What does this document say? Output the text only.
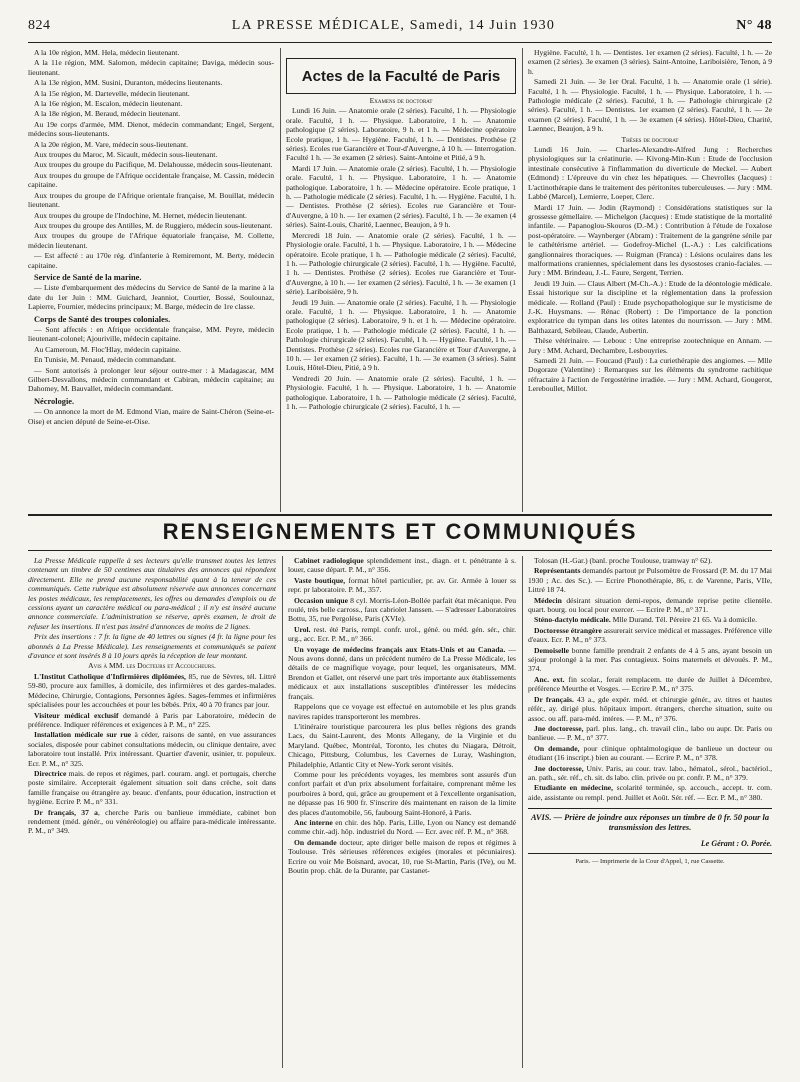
824	LA PRESSE MÉDICALE, Samedi, 14 Juin 1930	N° 48

A la 10e région, MM. Hela, médecin lieutenant.

A la 11e région, MM. Salomon, médecin capitaine; Daviga, médecin sous-lieutenant.

A la 13e région, MM. Susini, Duranton, médecins lieutenants.

A la 15e région, M. Dartevelle, médecin lieutenant.

A la 16e région, M. Escalon, médecin lieutenant.

A la 18e région, M. Beraud, médecin lieutenant.

Au 19e corps d'armée, MM. Dienot, médecin commandant; Engel, Sergent, médecins sous-lieutenants.

A la 20e région, M. Vare, médecin sous-lieutenant.

Aux troupes du Maroc, M. Sicault, médecin sous-lieutenant.

Aux troupes du groupe du Pacifique, M. Delahousse, médecin sous-lieutenant.

Aux troupes du groupe de l'Afrique occidentale française, M. Cassin, médecin capitaine.

Aux troupes du groupe de l'Afrique orientale française, M. Bouillat, médecin lieutenant.

Aux troupes du groupe de l'Indochine, M. Hernet, médecin lieutenant.

Aux troupes du groupe des Antilles, M. de Ruggiero, médecin sous-lieutenant.

Aux troupes du groupe de l'Afrique équatoriale française, M. Collette, médecin lieutenant.

— Est affecté : au 170e rég. d'infanterie à Remiremont, M. Berty, médecin capitaine.

Service de Santé de la marine.

— Liste d'embarquement des médecins du Service de Santé de la marine à la date du 1er Juin : MM. Guichard, Jeanniot, Courtier, Bossé, Soulounaz, Lapierre, Fournier, médecins principaux; M. Barge, médecin de 1re classe.

Corps de Santé des troupes coloniales.

— Sont affectés : en Afrique occidentale française, MM. Peyre, médecin lieutenant-colonel; Ajouriville, médecin capitaine.

Au Cameroun, M. Floc'Hlay, médecin capitaine.

En Tunisie, M. Penaud, médecin commandant.

— Sont autorisés à prolonger leur séjour outre-mer : à Madagascar, MM Gilbert-Desvallons, médecin commandant et Cabiran, médecin capitaine; au Dahomey, M. Bauvallet, médecin commandant.

Nécrologie.

— On annonce la mort de M. Edmond Vian, maire de Saint-Chéron (Seine-et-Oise) et ancien député de Seine-et-Oise.

Actes de la Faculté de Paris

Examens de doctorat

Lundi 16 Juin. — Anatomie orale (2 séries). Faculté, 1 h. — Physiologie orale. Faculté, 1 h. — Physique. Laboratoire, 1 h. — Anatomie pathologique (2 séries). Laboratoire, 9 h. et 1 h. — Médecine opératoire Ecole pratique, 1 h. — Hygiène. Faculté, 1 h. — Dentistes. Prothèse (2 séries). Ecoles rue Garancière et Tour-d'Auvergne, à 10 h. — Interrogation. Faculté 1 h. — 3e examen (2 séries). Saint-Antoine et Pitié, à 9 h.

Mardi 17 Juin. — Anatomie orale (2 séries). Faculté, 1 h. — Physiologie orale. Faculté, 1 h. — Physique. Laboratoire, 1 h. — Anatomie pathologique. Laboratoire, 1 h. — Médecine opératoire. Ecole pratique, 1 h. — Pathologie médicale (2 séries). Faculté, 1 h. — Hygiène. Faculté, 1 h. — Dentistes. Prothèse (2 séries). Ecoles rue Garancière et Tour-d'Auvergne, à 10 h. — 1er examen (2 séries). Faculté, 1 h. — 3e examen (4 séries). Saint-Louis, Charité, Laennec, Beaujon, à 9 h.

Mercredi 18 Juin. — Anatomie orale (2 séries). Faculté, 1 h. — Physiologie orale. Faculté, 1 h. — Physique. Laboratoire, 1 h. — Médecine opératoire. Ecole pratique, 1 h. — Pathologie médicale (2 séries). Faculté, 1 h. — Pathologie chirurgicale (2 séries). Faculté, 1 h. — Hygiène. Faculté, 1 h. — Dentistes. Prothèse (2 séries). Ecoles rue Garancière et Tour-d'Auvergne, à 10 h. — 1er examen (2 séries). Faculté, 1 h. — 3e examen (1 série). Lariboisière, 9 h.

Jeudi 19 Juin. — Anatomie orale (2 séries). Faculté, 1 h. — Physiologie orale. Faculté, 1 h. — Physique. Laboratoire, 1 h. — Anatomie pathologique (2 séries). Laboratoire, 9 h. et 1 h. — Médecine opératoire. Ecole pratique, 1 h. — Pathologie médicale (2 séries). Faculté, 1 h. — Pathologie chirurgicale (2 séries). Faculté, 1 h. — Hygiène. Faculté, 1 h. — Dentistes. Prothèse (2 séries). Ecoles rue Garancière et Tour d'Auvergne, à 10 h. — 1er examen (2 séries). Faculté, 1 h. — 3e examen (3 séries). Saint Louis, Hôtel-Dieu, Pitié, à 9 h.

Vendredi 20 Juin. — Anatomie orale (2 séries). Faculté, 1 h. — Physiologie. Faculté, 1 h. — Physique. Laboratoire, 1 h. — Anatomie pathologique. Laboratoire, 1 h. — Pathologie médicale (2 séries). Faculté, 1 h. — Pathologie chirurgicale (2 séries). Faculté, 1 h. —

Hygiène. Faculté, 1 h. — Dentistes. 1er examen (2 séries). Faculté, 1 h. — 2e examen (2 séries). 3e examen (3 séries). Saint-Antoine, Lariboisière, Tenon, à 9 h.

Samedi 21 Juin. — 3e 1er Oral. Faculté, 1 h. — Anatomie orale (1 série). Faculté, 1 h. — Physiologie. Faculté, 1 h. — Physique. Laboratoire, 1 h. — Pathologie médicale (2 séries). Faculté, 1 h. — Pathologie chirurgicale (2 séries). Faculté, 1 h. — Dentistes. 1er examen (2 séries). Faculté, 1 h. — 2e examen (2 séries). Faculté, 1 h. — 3e examen (4 séries). Hôtel-Dieu, Charité, Laennec, Beaujon, à 9 h.

Thèses de doctorat

Lundi 16 Juin. — Charles-Alexandre-Alfred Jung : Recherches physiologiques sur la créatinurie. — Kivong-Min-Kun : Etude de l'occlusion intestinale consécutive à l'inflammation du diverticule de Meckel. — Aubert (Edmond) : L'épreuve du vin chez les hépatiques. — Chevrolles (Jacques) : L'actinothérapie dans le traitement des péritonites tuberculeuses. — Jury : MM. Labbé (Marcel), Lemierre, Loeper, Clerc.

Mardi 17 Juin. — Jodin (Raymond) : Considérations statistiques sur la grossesse gémellaire. — Michelgon (Jacques) : Etude statistique de la mortalité infantile. — Papanoglou-Skouros (D.-M.) : Contribution à l'étude de l'oxalose post-opératoire. — Waynberger (Abram) : Traitement de la gangrène sénile par le cathétérisme artériel. — Godefroy-Michel (L.-A.) : Les calcifications ganglionnaires thoraciques. — Ruigman (Franca) : Lésions oculaires dans les malformations craniennes, spécialement dans les dysostoses cranio-faciales. — Jury : MM. Brindeau, J.-L. Faure, Sergent, Terrien.

Jeudi 19 Juin. — Claus Albert (M-Ch.-A.) : Etude de la déontologie médicale. Essai historique sur la discipline et la réglementation dans la profession médicale. — Rolland (Paul) : Etude psychopathologique sur le mysticisme de J.-K. Huysmans. — Rénac (Robert) : De l'importance de la ponction exploratrice du tympan dans les otites latentes du nourrisson. — Jury : MM. Balthazard, Sebileau, Claude, Aubertin.

Thèse vétérinaire. — Lebouc : Une entreprise zootechnique en Annam. — Jury : MM. Achard, Dechambre, Lesbouyries.

Samedi 21 Juin. — Foucaud (Paul) : La curiethérapie des angiomes. — Mlle Dogoraze (Valentine) : Remarques sur les éléments du syndrome rachitique réfractaire à l'action de l'ergostérine irradiée. — Jury : MM. Achard, Gougerot, Lereboullet, Millot.

RENSEIGNEMENTS ET COMMUNIQUÉS

La Presse Médicale rappelle à ses lecteurs qu'elle transmet toutes les lettres contenant un timbre de 50 centimes aux titulaires des annonces qui répondent directement. Elle ne prend aucune responsabilité quant à la teneur de ces communiqués. Cette rubrique est absolument réservée aux annonces concernant les postes médicaux, les remplacements, les offres ou demandes d'emplois ou de cessions ayant un caractère médical ou para-médical ; il n'y est inséré aucune annonce commerciale. L'administration se réserve, après examen, le droit de refuser les insertions. Il n'est pas inséré d'annonces de moins de 2 lignes.

Prix des insertions : 7 fr. la ligne de 40 lettres ou signes (4 fr. la ligne pour les abonnés à La Presse Médicale). Les renseignements et communiqués se paient d'avance et sont insérés 8 à 10 jours après la réception de leur montant.

Avis à MM. les Docteurs et Accoucheurs.

L'Institut Catholique d'Infirmières diplômées, 85, rue de Sèvres, tél. Littré 59-80, procure aux familles, à domicile, des infirmières et des gardes-malades. Médecine, Chirurgie, Contagions, Personnes âgées. Sages-femmes et infirmières spécialisées pour les accouchées et pour les bébés. Prix, 40 à 70 francs par jour.

Visiteur médical exclusif demandé à Paris par Laboratoire, médecin de préférence. Indiquer références et exigences à P. M., n° 225.

Installation médicale sur rue à céder, raisons de santé, en vue assurances sociales, disposée pour cabinet consultations médecin, ou clinique dentaire, avec laboratoire tout installé. Prix intéressant. Quartier d'avenir, usinier, tr. populeux. Ecr. P. M., n° 325.

Directrice mais. de repos et régimes, parl. couram. angl. et portugais, cherche poste similaire. Accepterait également situation soit dans crèche, soit dans famille française ou étrangère ay. beauc. d'enfants, pour éducation, instruction et hygiène. Ecrire P. M., n° 331.

Dr français, 37 a, cherche Paris ou banlieue immédiate, cabinet bon rendement (méd. génér., ou vénéréologie) ou affaire para-médicale intéressante. P. M., n° 349.

Cabinet radiologique splendidement inst., diagn. et t. pénétrante à s. louer, cause départ. P. M., n° 356.

Vaste boutique, format hôtel particulier, pr. av. Gr. Armée à louer ss repr. pr laboratoire. P. M., 357.

Occasion unique 8 cyl. Morris-Léon-Bollée parfait état mécanique. Peu roulé, très belle carross., faux cabriolet Janssen. — S'adresser Laboratoires Bottu, 35, rue Pergolèse, Paris (XVIe).

Urol. rest. été Paris, rempl. confr. urol., géné. ou méd. gén. sér., chir. urg., acc. Ecr. P. M., n° 366.

Un voyage de médecins français aux Etats-Unis et au Canada. — Nous avons donné, dans un précédent numéro de La Presse Médicale, les détails de ce magnifique voyage, pour lequel, les organisateurs, MM. Brendon et Gallet, ont réservé une part très importante aux établissements médicaux et aux installations susceptibles d'intéresser les médecins français.

Rappelons que ce voyage est effectué en automobile et les plus grands navires rapides transporteront les membres.

L'itinéraire touristique parcourera les plus belles régions des grands Lacs, du Saint-Laurent, des Monts Allegany, de la Virginie et du Maryland. Québec, Montréal, Toronto, les chutes du Niagara, Détroit, Chicago, Pittsburg, Columbus, les Cavernes de Luray, Washington, Philadelphie, Atlantic City et New-York seront visités.

Comme pour les précédents voyages, les membres sont assurés d'un confort parfait et d'un prix absolument forfaitaire, comprenant même les pourboires à bord, qui, grâce au groupement et à l'excellente organisation, ne dépasse pas 16 900 fr. S'inscrire dès maintenant en raison de la limite des places d'automobile, 56, faubourg Saint-Honoré, à Paris.

Anc interne en chir. des hôp. Paris, Lille, Lyon ou Nancy est demandé comme chir.-adj. hôp. industriel du Nord. — Ecr. avec réf. P. M., n° 368.

On demande docteur, apte diriger belle maison de repos et régimes à Toulouse. Très sérieuses références exigées (morales et pécuniaires). Ecrire ou voir Me Boisnard, avocat, 10, rue St-Martin, Paris (IVe), ou M. Boutin prop. chât. de la Durante, par Castanet-

Tolosan (H.-Gar.) (banl. proche Toulouse, tramway n° 62).

Représentants demandés partout pr Pulsomètre de Frossard (P. M. du 17 Mai 1930 ; Ac. des Sc.). — Ecrire Phonothérapie, 86, r. de Varenne, Paris, VIIe, Littré 18 74.

Médecin désirant situation demi-repos, demande reprise petite clientèle. quart. bourg. ou local pour exercer. — Ecrire P. M., n° 371.

Sténo-dactylo médicale. Mlle Durand. Tél. Péreire 21 65. Va à domicile.

Doctoresse étrangère assurerait service médical et massages. Préférence ville d'eaux. Ecr. P. M., n° 373.

Demoiselle bonne famille prendrait 2 enfants de 4 à 5 ans, ayant besoin un séjour prolongé à la mer. Pas contagieux. Soins maternels et dévoués. P. M., 374.

Anc. ext. fin scolar., ferait remplacem. tte durée de Juillet à Décembre, préférence Meurthe et Vosges. — Ecrire P. M., n° 375.

Dr français. 43 a., gde expér. méd. et chirurgie génér., av. titres et hautes référ., ay. dirigé plus. hôpitaux import. étrangers, cherche situation, suite ou assoc. ou aff. para-méd. intéres. — P. M., n° 376.

Jne doctoresse, parl. plus. lang., ch. travail clin., labo ou aupr. Dr. Paris ou banlieue. — P. M., n° 377.

On demande, pour clinique ophtalmologique de banlieue un docteur ou étudiant (16 inscript.) bien au courant. — Ecrire P. M., n° 378.

Jne doctoresse, Univ. Paris, au cour. trav. labo., hématol., sérol., bactériol., an. path., sér. réf., ch. sit. ds labo. clin. privée ou pr. confr. P. M., n° 379.

Etudiante en médecine, scolarité terminée, sp. accouch., accept. tr. com. aide, assistante ou rempl. pend. Juillet et Août. Sér. réf. — Ecr. P. M., n° 380.

AVIS. — Prière de joindre aux réponses un timbre de 0 fr. 50 pour la transmission des lettres.
Le Gérant : O. Porée.
Paris. — Imprimerie de la Cour d'Appel, 1, rue Cassette.
